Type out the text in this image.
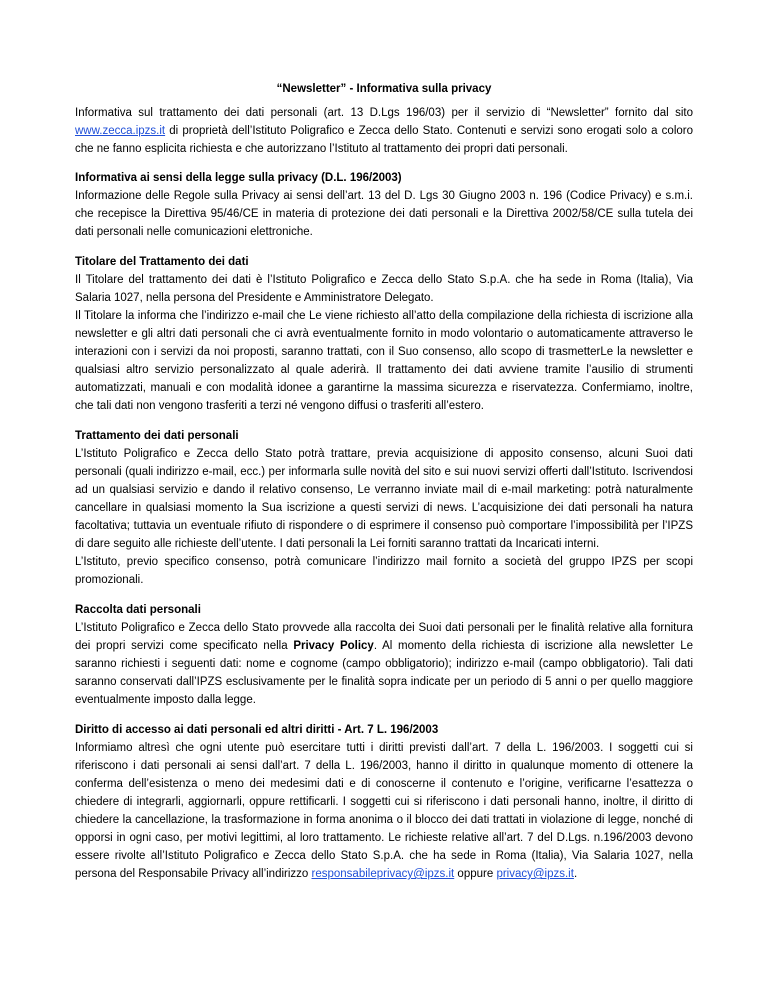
“Newsletter” - Informativa sulla privacy

Informativa sul trattamento dei dati personali (art. 13 D.Lgs 196/03) per il servizio di “Newsletter” fornito dal sito www.zecca.ipzs.it di proprietà dell’Istituto Poligrafico e Zecca dello Stato. Contenuti e servizi sono erogati solo a coloro che ne fanno esplicita richiesta e che autorizzano l’Istituto al trattamento dei propri dati personali.

Informativa ai sensi della legge sulla privacy (D.L. 196/2003)

Informazione delle Regole sulla Privacy ai sensi dell’art. 13 del D. Lgs 30 Giugno 2003 n. 196 (Codice Privacy) e s.m.i. che recepisce la Direttiva 95/46/CE in materia di protezione dei dati personali e la Direttiva 2002/58/CE sulla tutela dei dati personali nelle comunicazioni elettroniche.

Titolare del Trattamento dei dati

Il Titolare del trattamento dei dati è l’Istituto Poligrafico e Zecca dello Stato S.p.A. che ha sede in Roma (Italia), Via Salaria 1027, nella persona del Presidente e Amministratore Delegato.

Il Titolare la informa che l’indirizzo e-mail che Le viene richiesto all’atto della compilazione della richiesta di iscrizione alla newsletter e gli altri dati personali che ci avrà eventualmente fornito in modo volontario o automaticamente attraverso le interazioni con i servizi da noi proposti, saranno trattati, con il Suo consenso, allo scopo di trasmetterLe la newsletter e qualsiasi altro servizio personalizzato al quale aderirà. Il trattamento dei dati avviene tramite l’ausilio di strumenti automatizzati, manuali e con modalità idonee a garantirne la massima sicurezza e riservatezza. Confermiamo, inoltre, che tali dati non vengono trasferiti a terzi né vengono diffusi o trasferiti all’estero.

Trattamento dei dati personali

L’Istituto Poligrafico e Zecca dello Stato potrà trattare, previa acquisizione di apposito consenso, alcuni Suoi dati personali (quali indirizzo e-mail, ecc.) per informarla sulle novità del sito e sui nuovi servizi offerti dall’Istituto. Iscrivendosi ad un qualsiasi servizio e dando il relativo consenso, Le verranno inviate mail di e-mail marketing: potrà naturalmente cancellare in qualsiasi momento la Sua iscrizione a questi servizi di news. L’acquisizione dei dati personali ha natura facoltativa; tuttavia un eventuale rifiuto di rispondere o di esprimere il consenso può comportare l’impossibilità per l’IPZS di dare seguito alle richieste dell’utente. I dati personali la Lei forniti saranno trattati da Incaricati interni.

L’Istituto, previo specifico consenso, potrà comunicare l’indirizzo mail fornito a società del gruppo IPZS per scopi promozionali.

Raccolta dati personali

L’Istituto Poligrafico e Zecca dello Stato provvede alla raccolta dei Suoi dati personali per le finalità relative alla fornitura dei propri servizi come specificato nella Privacy Policy. Al momento della richiesta di iscrizione alla newsletter Le saranno richiesti i seguenti dati: nome e cognome (campo obbligatorio); indirizzo e-mail (campo obbligatorio). Tali dati saranno conservati dall’IPZS esclusivamente per le finalità sopra indicate per un periodo di 5 anni o per quello maggiore eventualmente imposto dalla legge.

Diritto di accesso ai dati personali ed altri diritti - Art. 7 L. 196/2003

Informiamo altresì che ogni utente può esercitare tutti i diritti previsti dall’art. 7 della L. 196/2003. I soggetti cui si riferiscono i dati personali ai sensi dall’art. 7 della L. 196/2003, hanno il diritto in qualunque momento di ottenere la conferma dell’esistenza o meno dei medesimi dati e di conoscerne il contenuto e l’origine, verificarne l’esattezza o chiedere di integrarli, aggiornarli, oppure rettificarli. I soggetti cui si riferiscono i dati personali hanno, inoltre, il diritto di chiedere la cancellazione, la trasformazione in forma anonima o il blocco dei dati trattati in violazione di legge, nonché di opporsi in ogni caso, per motivi legittimi, al loro trattamento. Le richieste relative all’art. 7 del D.Lgs. n.196/2003 devono essere rivolte all’Istituto Poligrafico e Zecca dello Stato S.p.A. che ha sede in Roma (Italia), Via Salaria 1027, nella persona del Responsabile Privacy all’indirizzo responsabileprivacy@ipzs.it oppure privacy@ipzs.it.
